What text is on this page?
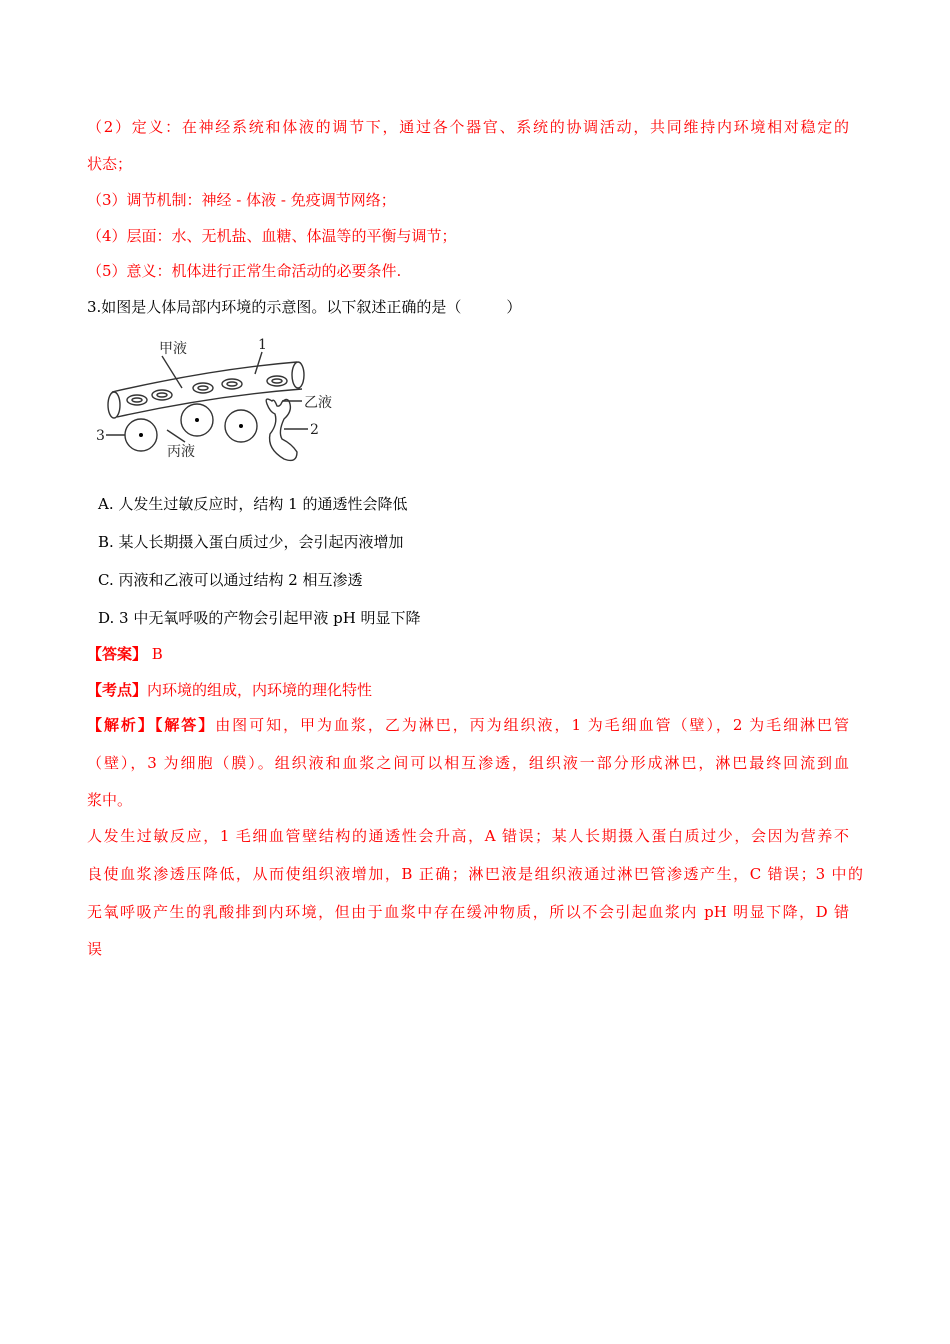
（2）定义：在神经系统和体液的调节下，通过各个器官、系统的协调活动，共同维持内环境相对稳定的
状态；
（3）调节机制：神经 - 体液 - 免疫调节网络；
（4）层面：水、无机盐、血糖、体温等的平衡与调节；
（5）意义：机体进行正常生命活动的必要条件.
3.如图是人体局部内环境的示意图。以下叙述正确的是（　　　）
甲液	1
乙液
2
3
丙液
A. 人发生过敏反应时，结构 1 的通透性会降低
B. 某人长期摄入蛋白质过少，会引起丙液增加
C. 丙液和乙液可以通过结构 2 相互渗透
D. 3 中无氧呼吸的产物会引起甲液 pH 明显下降
【答案】 B
【考点】内环境的组成，内环境的理化特性
【解析】【解答】由图可知，甲为血浆，乙为淋巴，丙为组织液，1 为毛细血管（壁），2 为毛细淋巴管
（壁），3 为细胞（膜）。组织液和血浆之间可以相互渗透，组织液一部分形成淋巴，淋巴最终回流到血
浆中。
人发生过敏反应，1 毛细血管壁结构的通透性会升高，A 错误；某人长期摄入蛋白质过少，会因为营养不
良使血浆渗透压降低，从而使组织液增加，B 正确；淋巴液是组织液通过淋巴管渗透产生，C 错误；3 中的
无氧呼吸产生的乳酸排到内环境，但由于血浆中存在缓冲物质，所以不会引起血浆内 pH 明显下降，D 错
误
